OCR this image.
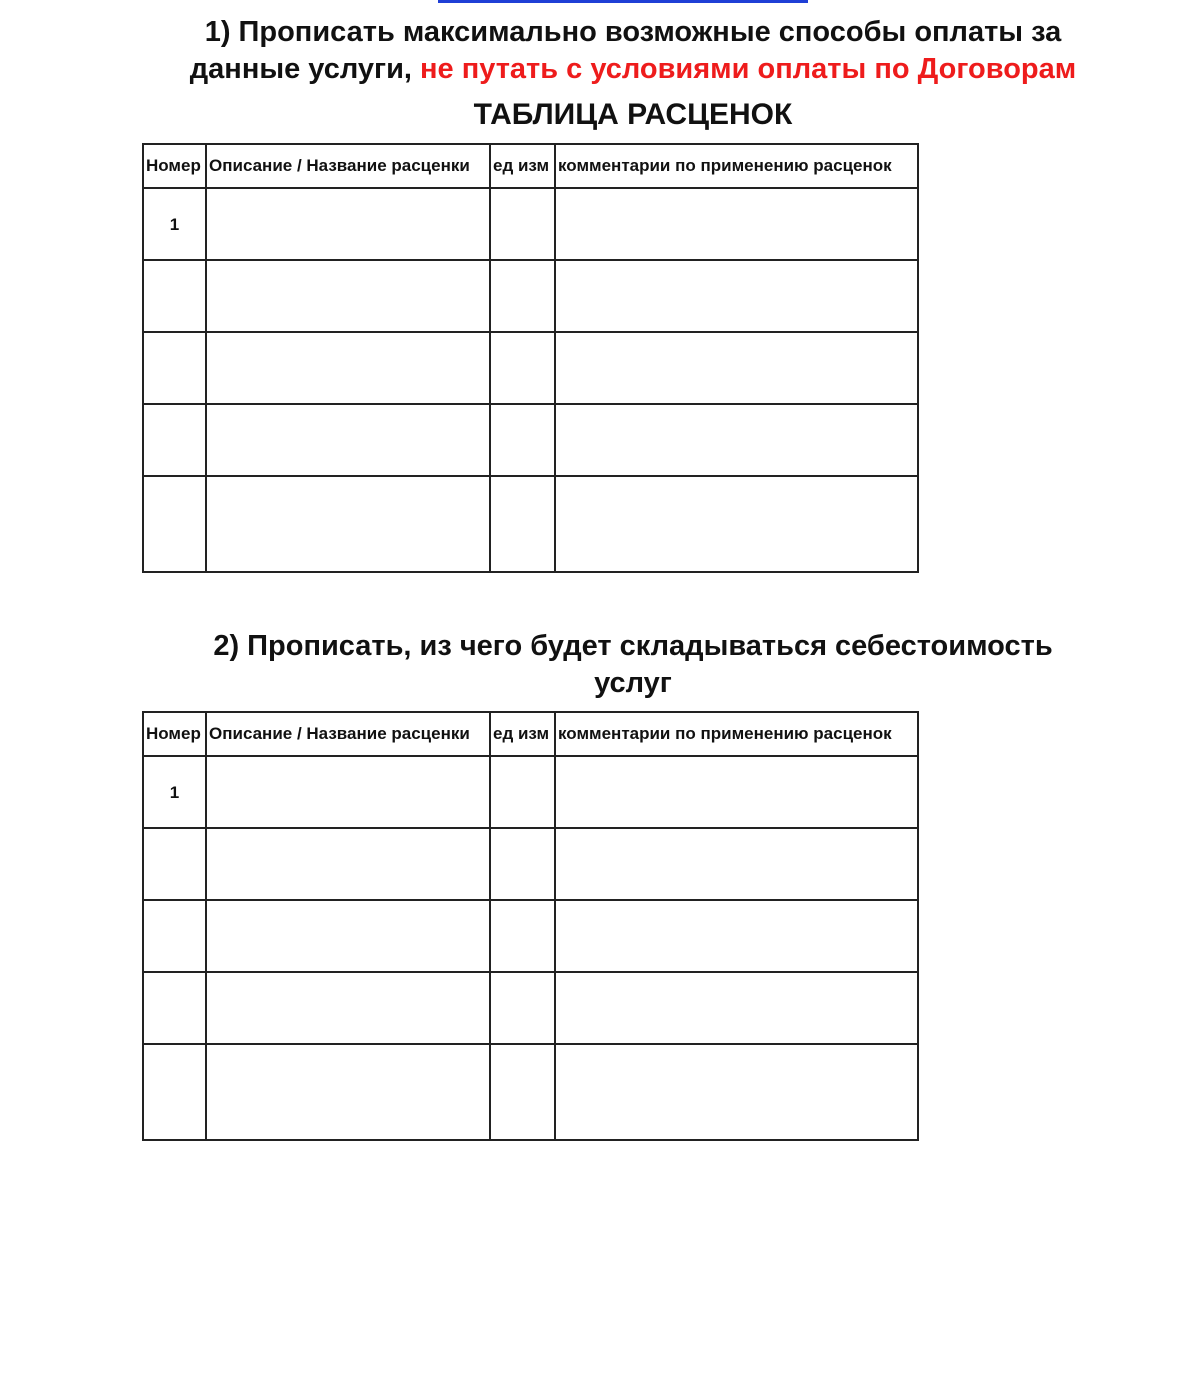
1) Прописать максимально возможные способы оплаты за
данные услуги, не путать с условиями оплаты по Договорам
ТАБЛИЦА РАСЦЕНОК
Номер	Описание / Название расценки	ед изм	комментарии по применению расценок
1			

2) Прописать, из чего будет складываться себестоимость
услуг
Номер	Описание / Название расценки	ед изм	комментарии по применению расценок
1			
